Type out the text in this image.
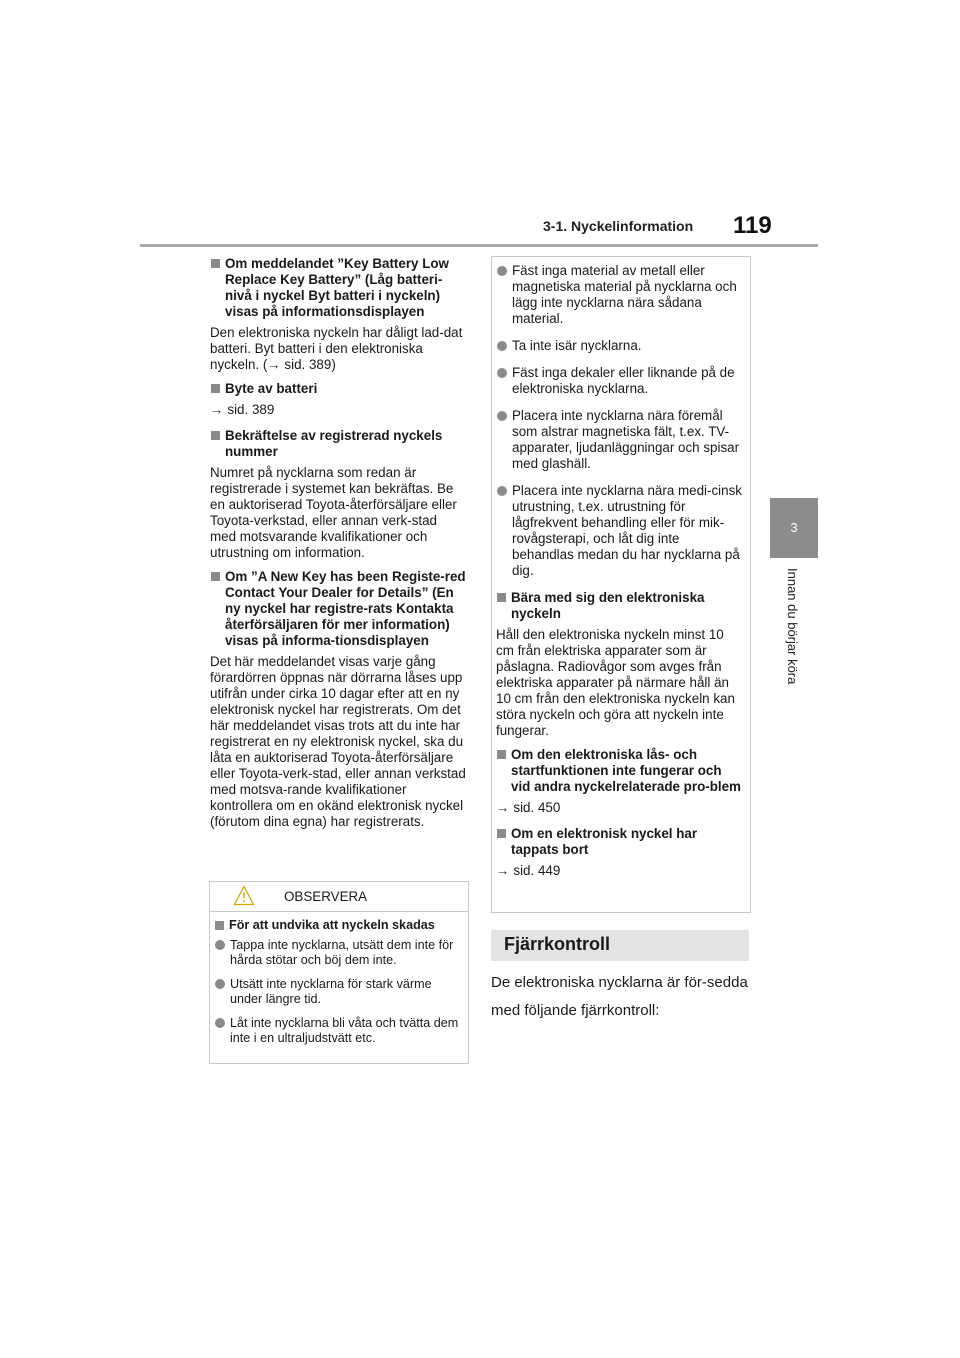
3-1. Nyckelinformation 119
3
Innan du börjar köra
Om meddelandet ”Key Battery Low Replace Key Battery” (Låg batteri-nivå i nyckel Byt batteri i nyckeln) visas på informationsdisplayen
Den elektroniska nyckeln har dåligt lad-dat batteri. Byt batteri i den elektroniska nyckeln. (→ sid. 389)
Byte av batteri
→ sid. 389
Bekräftelse av registrerad nyckels nummer
Numret på nycklarna som redan är registrerade i systemet kan bekräftas. Be en auktoriserad Toyota-återförsäljare eller Toyota-verkstad, eller annan verk-stad med motsvarande kvalifikationer och utrustning om information.
Om ”A New Key has been Registe-red Contact Your Dealer for Details” (En ny nyckel har registre-rats Kontakta återförsäljaren för mer information) visas på informa-tionsdisplayen
Det här meddelandet visas varje gång förardörren öppnas när dörrarna låses upp utifrån under cirka 10 dagar efter att en ny elektronisk nyckel har registrerats. Om det här meddelandet visas trots att du inte har registrerat en ny elektronisk nyckel, ska du låta en auktoriserad Toyota-återförsäljare eller Toyota-verk-stad, eller annan verkstad med motsva-rande kvalifikationer kontrollera om en okänd elektronisk nyckel (förutom dina egna) har registrerats.
OBSERVERA
För att undvika att nyckeln skadas
Tappa inte nycklarna, utsätt dem inte för hårda stötar och böj dem inte.
Utsätt inte nycklarna för stark värme under längre tid.
Låt inte nycklarna bli våta och tvätta dem inte i en ultraljudstvätt etc.
Fäst inga material av metall eller magnetiska material på nycklarna och lägg inte nycklarna nära sådana material.
Ta inte isär nycklarna.
Fäst inga dekaler eller liknande på de elektroniska nycklarna.
Placera inte nycklarna nära föremål som alstrar magnetiska fält, t.ex. TV-apparater, ljudanläggningar och spisar med glashäll.
Placera inte nycklarna nära medi-cinsk utrustning, t.ex. utrustning för lågfrekvent behandling eller för mik-rovågsterapi, och låt dig inte behandlas medan du har nycklarna på dig.
Bära med sig den elektroniska nyckeln
Håll den elektroniska nyckeln minst 10 cm från elektriska apparater som är påslagna. Radiovågor som avges från elektriska apparater på närmare håll än 10 cm från den elektroniska nyckeln kan störa nyckeln och göra att nyckeln inte fungerar.
Om den elektroniska lås- och startfunktionen inte fungerar och vid andra nyckelrelaterade pro-blem
→ sid. 450
Om en elektronisk nyckel har tappats bort
→ sid. 449
Fjärrkontroll
De elektroniska nycklarna är för-sedda med följande fjärrkontroll:
